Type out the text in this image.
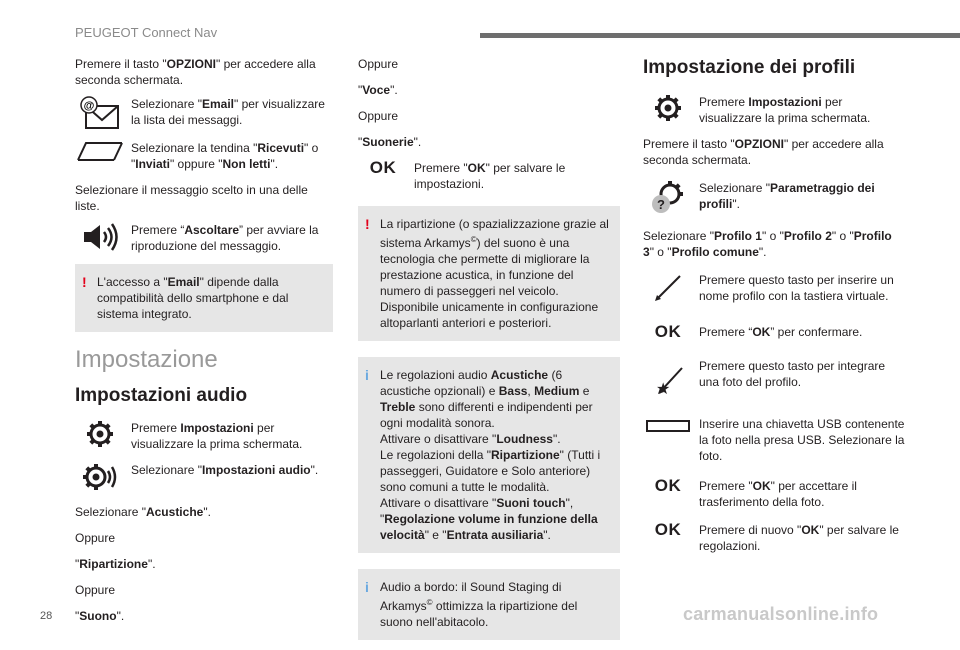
PEUGEOT Connect Nav

Premere il tasto "OPZIONI" per accedere alla seconda schermata.

@	Selezionare "Email" per visualizzare la lista dei messaggi.
Selezionare la tendina "Ricevuti" o "Inviati" oppure "Non letti".

Selezionare il messaggio scelto in una delle liste.

Premere “Ascoltare” per avviare la riproduzione del messaggio.
! L'accesso a "Email" dipende dalla compatibilità dello smartphone e dal sistema integrato.
Impostazione
Impostazioni audio
Premere Impostazioni per visualizzare la prima schermata.
Selezionare "Impostazioni audio".

Selezionare "Acustiche".

Oppure

"Ripartizione".

Oppure

"Suono".

Oppure

"Voce".

Oppure

"Suonerie".

OK	Premere "OK" per salvare le impostazioni.
! La ripartizione (o spazializzazione grazie al sistema Arkamys©) del suono è una tecnologia che permette di migliorare la prestazione acustica, in funzione del numero di passeggeri nel veicolo. Disponibile unicamente in configurazione altoparlanti anteriori e posteriori.
i Le regolazioni audio Acustiche (6 acustiche opzionali) e Bass, Medium e Treble sono differenti e indipendenti per ogni modalità sonora.
Attivare o disattivare "Loudness".
Le regolazioni della "Ripartizione" (Tutti i passeggeri, Guidatore e Solo anteriore) sono comuni a tutte le modalità.
Attivare o disattivare "Suoni touch", "Regolazione volume in funzione della velocità" e "Entrata ausiliaria".
i Audio a bordo: il Sound Staging di Arkamys© ottimizza la ripartizione del suono nell'abitacolo.
Impostazione dei profili
Premere Impostazioni per visualizzare la prima schermata.

Premere il tasto "OPZIONI" per accedere alla seconda schermata.

?
Selezionare "Parametraggio dei profili".

Selezionare "Profilo 1" o "Profilo 2" o "Profilo 3" o "Profilo comune".

Premere questo tasto per inserire un nome profilo con la tastiera virtuale.
OK	Premere “OK” per confermare.
★
Premere questo tasto per integrare una foto del profilo.
Inserire una chiavetta USB contenente la foto nella presa USB. Selezionare la foto.
OK	Premere "OK" per accettare il trasferimento della foto.
OK	Premere di nuovo "OK" per salvare le regolazioni.
28	carmanualsonline.info
